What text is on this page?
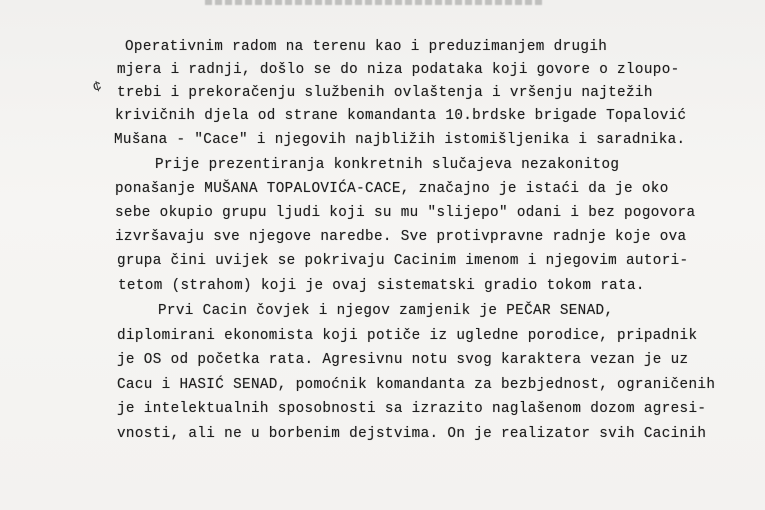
¢
Operativnim radom na terenu kao i preduzimanjem drugih
mjera i radnji, došlo se do niza podataka koji govore o zloupo-
trebi i prekoračenju službenih ovlaštenja i vršenju najtežih
krivičnih djela od strane komandanta 10.brdske brigade Topalović
Mušana - "Cace" i njegovih najbližih istomišljenika i saradnika.
Prije prezentiranja konkretnih slučajeva nezakonitog
ponašanje MUŠANA TOPALOVIĆA-CACE, značajno je istaći da je oko
sebe okupio grupu ljudi koji su mu "slijepo" odani i bez pogovora
izvršavaju sve njegove naredbe. Sve protivpravne radnje koje ova
grupa čini uvijek se pokrivaju Cacinim imenom i njegovim autori-
tetom (strahom) koji je ovaj sistematski gradio tokom rata.
Prvi Cacin čovjek i njegov zamjenik je PEČAR SENAD,
diplomirani ekonomista koji potiče iz ugledne porodice, pripadnik
je OS od početka rata. Agresivnu notu svog karaktera vezan je uz
Cacu i HASIĆ SENAD, pomoćnik komandanta za bezbjednost, ograničenih
je intelektualnih sposobnosti sa izrazito naglašenom dozom agresi-
vnosti, ali ne u borbenim dejstvima. On je realizator svih Cacinih
